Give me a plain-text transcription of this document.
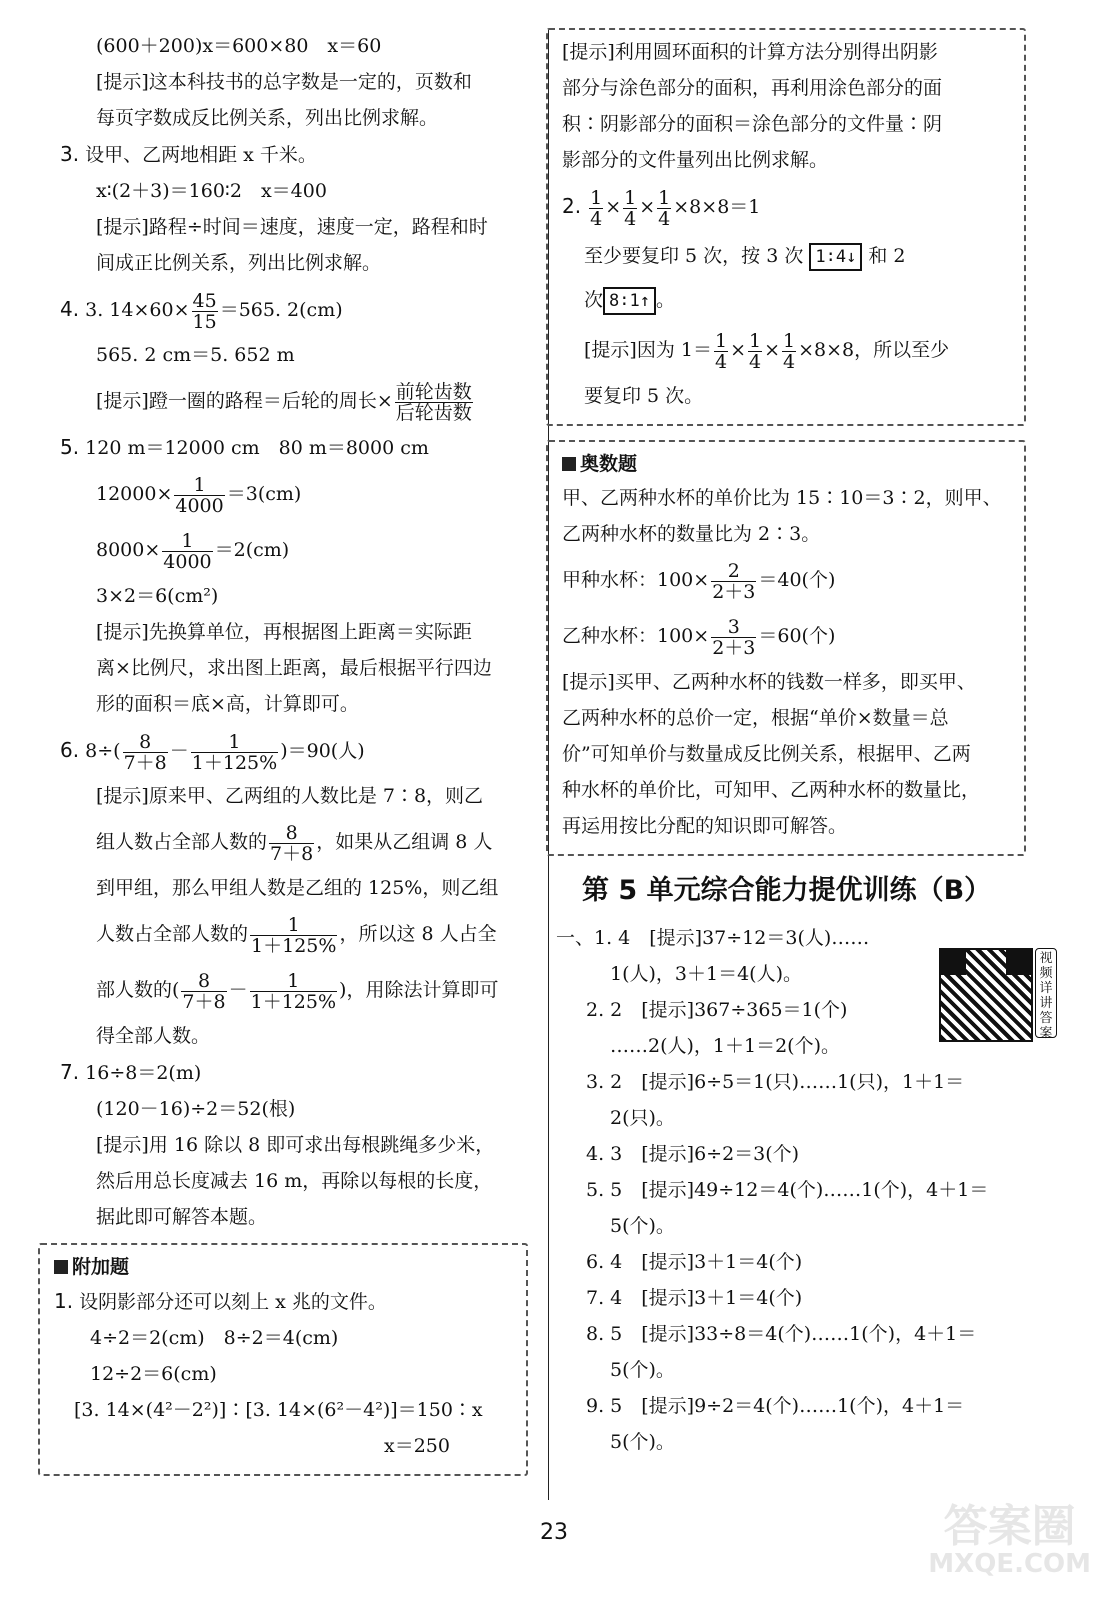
(600＋200)x＝600×80　x＝60
[提示]这本科技书的总字数是一定的，页数和
每页字数成反比例关系，列出比例求解。
3. 设甲、乙两地相距 x 千米。
x∶(2＋3)＝160∶2　x＝400
[提示]路程÷时间＝速度，速度一定，路程和时
间成正比例关系，列出比例求解。
4. 3. $14\times 60\times \frac{45}{15} =565$. 2(cm)
565. 2 cm＝5. 652 m
[提示]蹬一圈的路程＝后轮的周长× $\frac{\text{前轮齿数}}{\text{后轮齿数}}$
5. 120 m＝12000 cm　80 m＝8000 cm
$12000\times \frac{1}{4000} =3(cm)$
$8000\times \frac{1}{4000} =2(cm)$
3×2＝6(cm²)
[提示]先换算单位，再根据图上距离＝实际距
离×比例尺，求出图上距离，最后根据平行四边
形的面积＝底×高，计算即可。
6. $8\div( \frac{8}{7+8} - \frac{1}{1+125\%} )=90$(人)
[提示]原来甲、乙两组的人数比是 7∶8，则乙
组人数占全部人数的 $\frac{8}{7+8}$ ，如果从乙组调 8 人
到甲组，那么甲组人数是乙组的 125%，则乙组
人数占全部人数的 $\frac{1}{1+125\%}$ ，所以这 8 人占全
部人数的( $\frac{8}{7+8} - \frac{1}{1+125\%}$ )，用除法计算即可
得全部人数。
7. 16÷8＝2(m)
(120－16)÷2＝52(根)
[提示]用 16 除以 8 即可求出每根跳绳多少米，
然后用总长度减去 16 m，再除以每根的长度，
据此即可解答本题。
附加题
1. 设阴影部分还可以刻上 x 兆的文件。
4÷2＝2(cm)　8÷2＝4(cm)
12÷2＝6(cm)
[3. 14×(4²－2²)]∶[3. 14×(6²－4²)]＝150∶x
x＝250
[提示]利用圆环面积的计算方法分别得出阴影
部分与涂色部分的面积，再利用涂色部分的面
积∶阴影部分的面积＝涂色部分的文件量∶阴
影部分的文件量列出比例求解。
2. $\frac{1}{4} \times \frac{1}{4} \times \frac{1}{4} \times 8\times 8=1$
至少要复印 5 次，按 3 次 1∶4↓ 和 2
次 8∶1↑ 。
[提示]因为 $1= \frac{1}{4} \times \frac{1}{4} \times \frac{1}{4} \times 8\times 8$，所以至少
要复印 5 次。
奥数题
甲、乙两种水杯的单价比为 15∶10＝3∶2，则甲、
乙两种水杯的数量比为 2∶3。
甲种水杯：$100\times \frac{2}{2+3} =40$(个)
乙种水杯：$100\times \frac{3}{2+3} =60$(个)
[提示]买甲、乙两种水杯的钱数一样多，即买甲、
乙两种水杯的总价一定，根据“单价×数量＝总
价”可知单价与数量成反比例关系，根据甲、乙两
种水杯的单价比，可知甲、乙两种水杯的数量比，
再运用按比分配的知识即可解答。
第 5 单元综合能力提优训练（B）
一、1. 4　[提示]37÷12＝3(人)……
1(人)，3＋1＝4(人)。
2. 2　[提示]367÷365＝1(个)
……2(人)，1＋1＝2(个)。
3. 2　[提示]6÷5＝1(只)……1(只)，1＋1＝
2(只)。
4. 3　[提示]6÷2＝3(个)
5. 5　[提示]49÷12＝4(个)……1(个)，4＋1＝
5(个)。
6. 4　[提示]3＋1＝4(个)
7. 4　[提示]3＋1＝4(个)
8. 5　[提示]33÷8＝4(个)……1(个)，4＋1＝
5(个)。
9. 5　[提示]9÷2＝4(个)……1(个)，4＋1＝
5(个)。
视频详讲答案
23	答案圈
MXQE.COM
